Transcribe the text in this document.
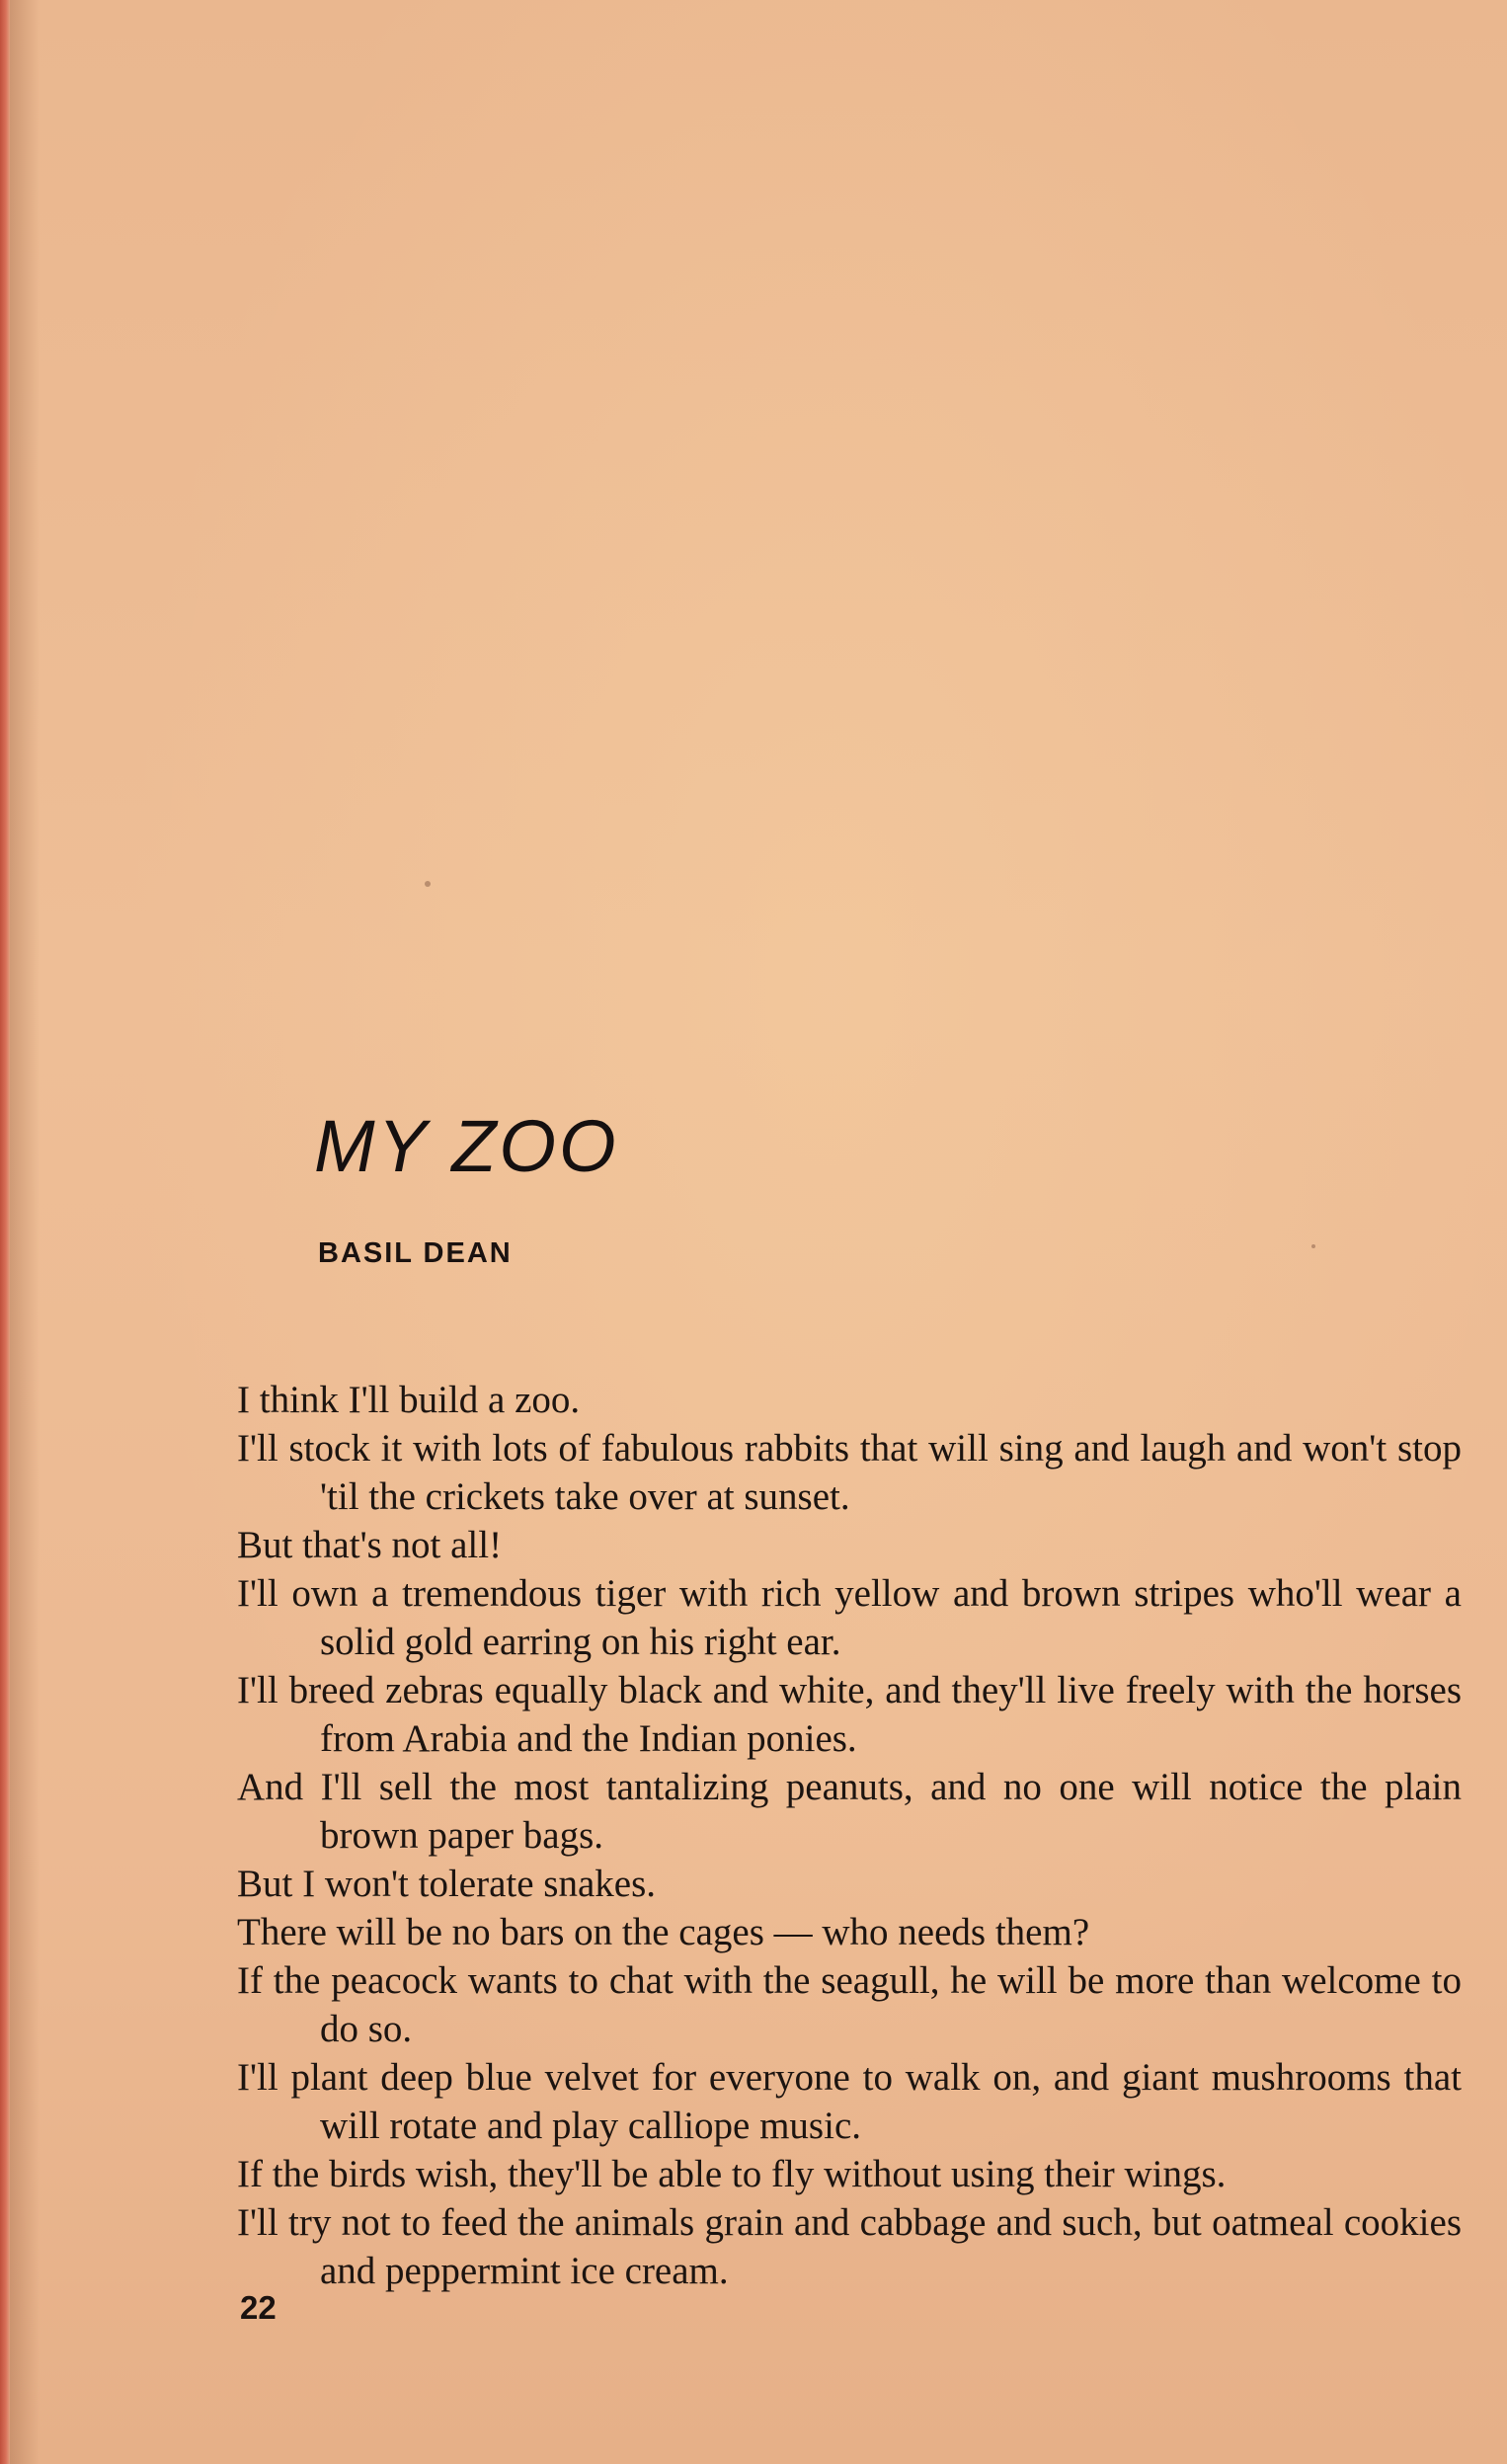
MY ZOO
BASIL DEAN
I think I'll build a zoo.
I'll stock it with lots of fabulous rabbits that will sing and laugh and won't stop 'til the crickets take over at sunset.
But that's not all!
I'll own a tremendous tiger with rich yellow and brown stripes who'll wear a solid gold earring on his right ear.
I'll breed zebras equally black and white, and they'll live freely with the horses from Arabia and the Indian ponies.
And I'll sell the most tantalizing peanuts, and no one will notice the plain brown paper bags.
But I won't tolerate snakes.
There will be no bars on the cages — who needs them?
If the peacock wants to chat with the seagull, he will be more than welcome to do so.
I'll plant deep blue velvet for everyone to walk on, and giant mushrooms that will rotate and play calliope music.
If the birds wish, they'll be able to fly without using their wings.
I'll try not to feed the animals grain and cabbage and such, but oatmeal cookies and peppermint ice cream.

22
